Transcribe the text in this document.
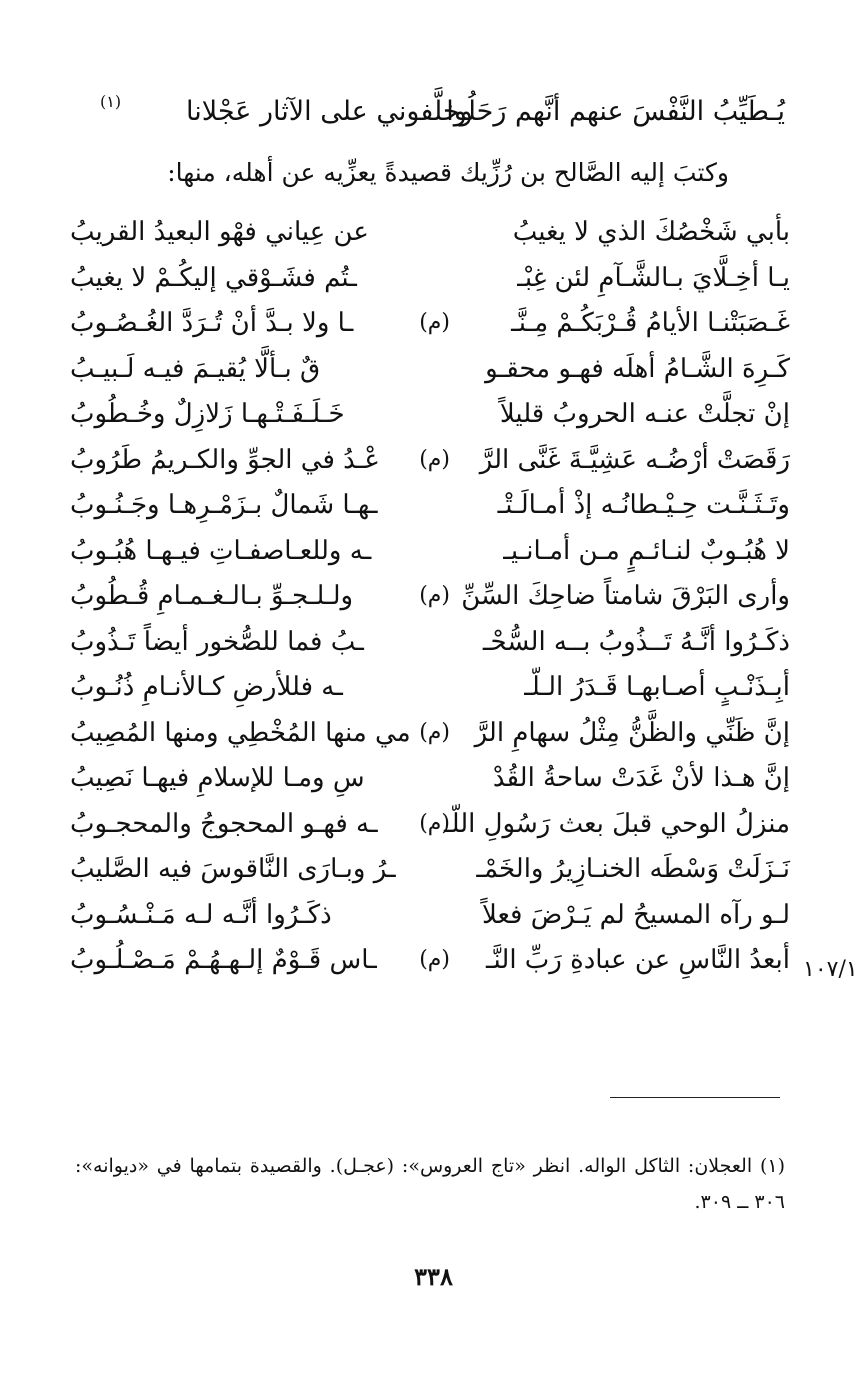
يُـطَيِّبُ النَّفْسَ عنهم أنَّهم رَحَلُوا
وخلَّفوني على الآثار عَجْلانا
(١)
وكتبَ إليه الصَّالح بن رُزِّيك قصيدةً يعزِّيه عن أهله، منها:
بأبي شَخْصُكَ الذي لا يغيبُ
عن عِياني فهْو البعيدُ القريبُ
يـا أخِـلَّايَ بـالشَّـآمِ لئن غِبْـ
ـتُم فشَـوْقي إليكُـمْ لا يغيبُ
غَـصَبَتْنـا الأيامُ قُـرْبَكُـمْ مِـنَّـ
(م)
ـا ولا بـدَّ أنْ تُـرَدَّ الغُـصُـوبُ
كَـرِهَ الشَّـامُ أهلَه فهـو محقـو
قٌ بـألَّا يُقيـمَ فيـه لَـبيـبُ
إنْ تجلَّتْ عنـه الحروبُ قليلاً
خَـلَـفَـتْـهـا زَلازِلٌ وخُـطُوبُ
رَقَصَتْ أرْضُـه عَشِيَّـةَ غَنَّى الرَّ
(م)
عْـدُ في الجوِّ والكـريمُ طَرُوبُ
وتَـثَـنَّـت حِـيْـطانُـه إذْ أمـالَـتْـ
ـهـا شَمالٌ بـزَمْـرِهـا وجَـنُـوبُ
لا هُبُـوبٌ لنـائـمٍ مـن أمـانـيـ
ـه وللعـاصفـاتِ فيـهـا هُبُـوبُ
وأرى البَرْقَ شامتاً ضاحِكَ السِّنِّ
(م)
ولـلـجـوِّ بـالـغـمـامِ قُـطُوبُ
ذكَـرُوا أنَّـهُ تَــذُوبُ بــه السُّحْـ
ـبُ فما للصُّخور أيضاً تَـذُوبُ
أبِـذَنْـبٍ أصـابهـا قَـدَرُ الـلّـ
ـه فللأرضِ كـالأنـامِ ذُنُـوبُ
إنَّ ظَنِّي والظَّنُّ مِثْلُ سهامِ الرَّ
(م)
مي منها المُخْطِي ومنها المُصِيبُ
إنَّ هـذا لأنْ غَدَتْ ساحةُ القُدْ
سِ ومـا للإسلامِ فيهـا نَصِيبُ
منزلُ الوحي قبلَ بعث رَسُولِ اللّـ
(م)
ـه فهـو المحجوجُ والمحجـوبُ
نَـزَلَتْ وَسْطَه الخنـازِيرُ والخَمْـ
ـرُ وبـارَى النَّاقوسَ فيه الصَّليبُ
لـو رآه المسيحُ لم يَـرْضَ فعلاً
ذكَـرُوا أنَّـه لـه مَـنْـسُـوبُ
أبعدُ النَّاسِ عن عبادةِ رَبِّ النَّـ
(م)
ـاس قَـوْمٌ إلـهـهُـمْ مَـصْـلُـوبُ	١٠٧/١
(١) العجلان: الثاكل الواله. انظر «تاج العروس»: (عجـل). والقصيدة بتمامها في «ديوانه»: ٣٠٦ ــ ٣٠٩.
٣٣٨
